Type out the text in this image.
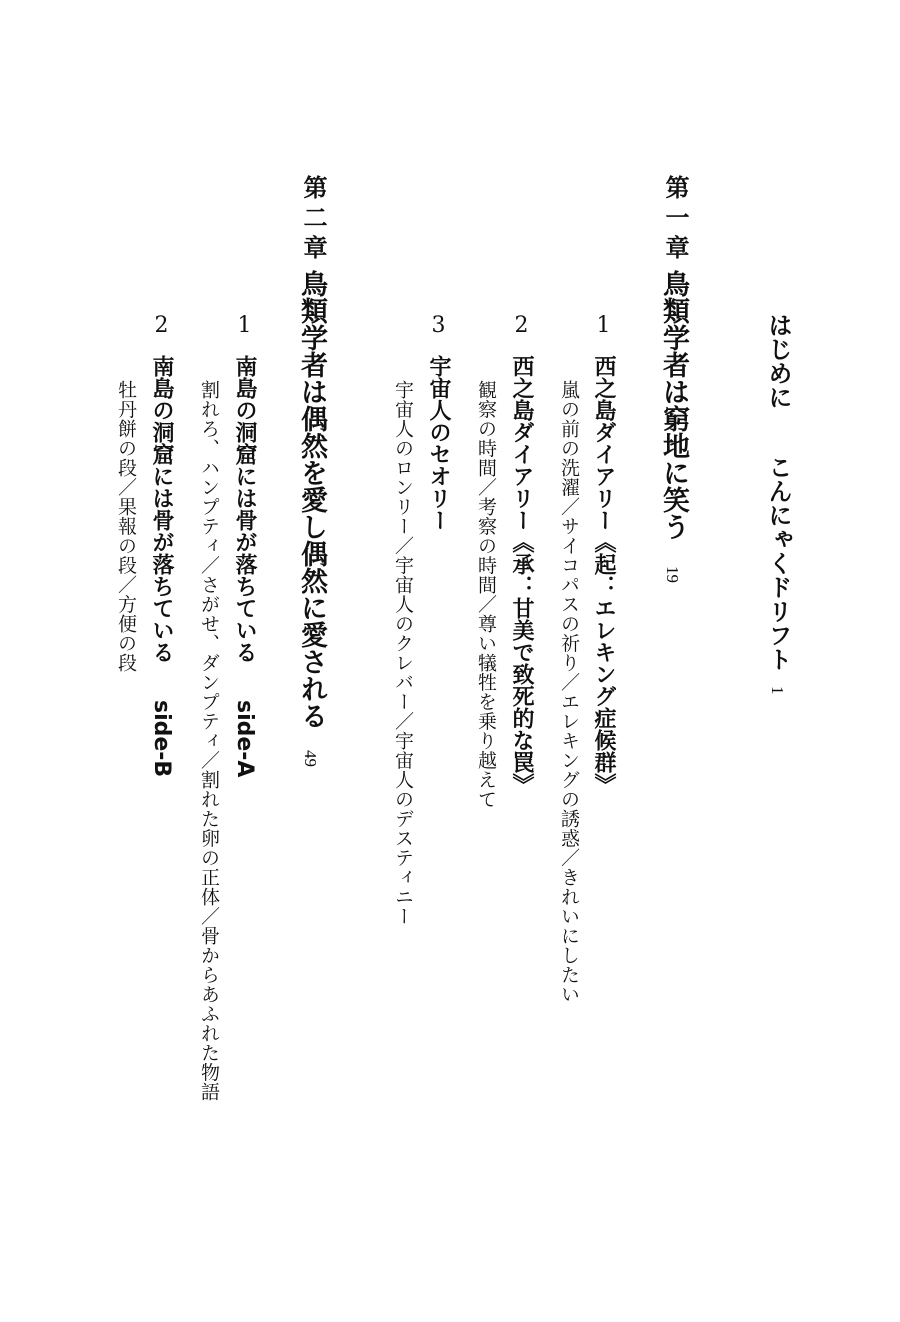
はじめに
こんにゃくドリフト
1
第一章
鳥類学者は窮地に笑う
19
1
西之島ダイアリー《起：エレキング症候群》
嵐の前の洗濯／サイコパスの祈り／エレキングの誘惑／きれいにしたい
2
西之島ダイアリー《承：甘美で致死的な罠》
観察の時間／考察の時間／尊い犠牲を乗り越えて
3
宇宙人のセオリー
宇宙人のロンリー／宇宙人のクレバー／宇宙人のデスティニー
第二章
鳥類学者は偶然を愛し偶然に愛される
49
1
南島の洞窟には骨が落ちている
side-A
割れろ、ハンプティ／さがせ、ダンプティ／割れた卵の正体／骨からあふれた物語
2
南島の洞窟には骨が落ちている
side-B
牡丹餅の段／果報の段／方便の段
